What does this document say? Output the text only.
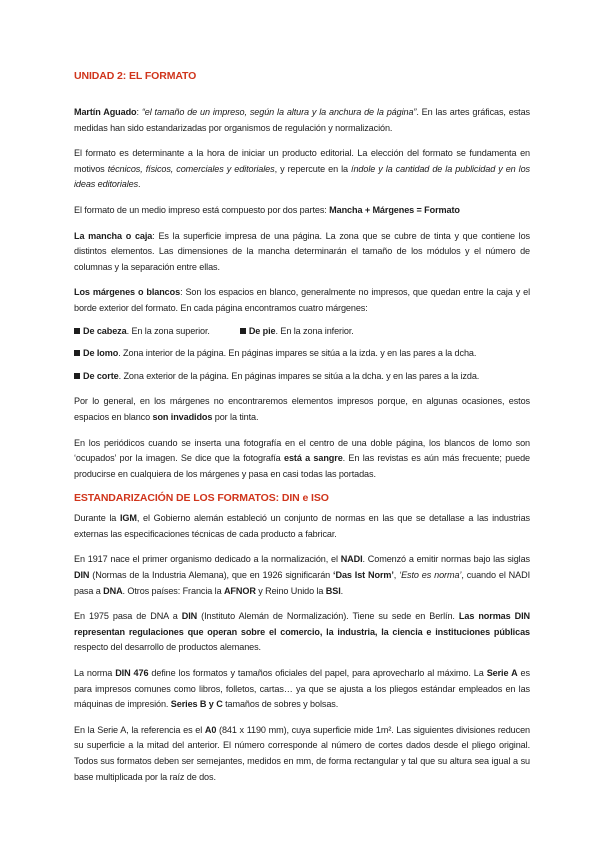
UNIDAD 2: EL FORMATO

Martín Aguado: “el tamaño de un impreso, según la altura y la anchura de la página”. En las artes gráficas, estas medidas han sido estandarizadas por organismos de regulación y normalización.

El formato es determinante a la hora de iniciar un producto editorial. La elección del formato se fundamenta en motivos técnicos, físicos, comerciales y editoriales, y repercute en la índole y la cantidad de la publicidad y en los ideas editoriales.

El formato de un medio impreso está compuesto por dos partes: Mancha + Márgenes = Formato

La mancha o caja: Es la superficie impresa de una página. La zona que se cubre de tinta y que contiene los distintos elementos. Las dimensiones de la mancha determinarán el tamaño de los módulos y el número de columnas y la separación entre ellas.

Los márgenes o blancos: Son los espacios en blanco, generalmente no impresos, que quedan entre la caja y el borde exterior del formato. En cada página encontramos cuatro márgenes:

De cabeza. En la zona superior.	De pie. En la zona inferior.

De lomo. Zona interior de la página. En páginas impares se sitúa a la izda. y en las pares a la dcha.

De corte. Zona exterior de la página. En páginas impares se sitúa a la dcha. y en las pares a la izda.

Por lo general, en los márgenes no encontraremos elementos impresos porque, en algunas ocasiones, estos espacios en blanco son invadidos por la tinta.

En los periódicos cuando se inserta una fotografía en el centro de una doble página, los blancos de lomo son ‘ocupados’ por la imagen. Se dice que la fotografía está a sangre. En las revistas es aún más frecuente; puede producirse en cualquiera de los márgenes y pasa en casi todas las portadas.

ESTANDARIZACIÓN DE LOS FORMATOS: DIN e ISO

Durante la IGM, el Gobierno alemán estableció un conjunto de normas en las que se detallase a las industrias externas las especificaciones técnicas de cada producto a fabricar.

En 1917 nace el primer organismo dedicado a la normalización, el NADI. Comenzó a emitir normas bajo las siglas DIN (Normas de la Industria Alemana), que en 1926 significarán ‘Das Ist Norm’, ‘Esto es norma’, cuando el NADI pasa a DNA. Otros países: Francia la AFNOR y Reino Unido la BSI.

En 1975 pasa de DNA a DIN (Instituto Alemán de Normalización). Tiene su sede en Berlín. Las normas DIN representan regulaciones que operan sobre el comercio, la industria, la ciencia e instituciones públicas respecto del desarrollo de productos alemanes.

La norma DIN 476 define los formatos y tamaños oficiales del papel, para aprovecharlo al máximo. La Serie A es para impresos comunes como libros, folletos, cartas… ya que se ajusta a los pliegos estándar empleados en las máquinas de impresión. Series B y C tamaños de sobres y bolsas.

En la Serie A, la referencia es el A0 (841 x 1190 mm), cuya superficie mide 1m². Las siguientes divisiones reducen su superficie a la mitad del anterior. El número corresponde al número de cortes dados desde el pliego original. Todos sus formatos deben ser semejantes, medidos en mm, de forma rectangular y tal que su altura sea igual a su base multiplicada por la raíz de dos.
